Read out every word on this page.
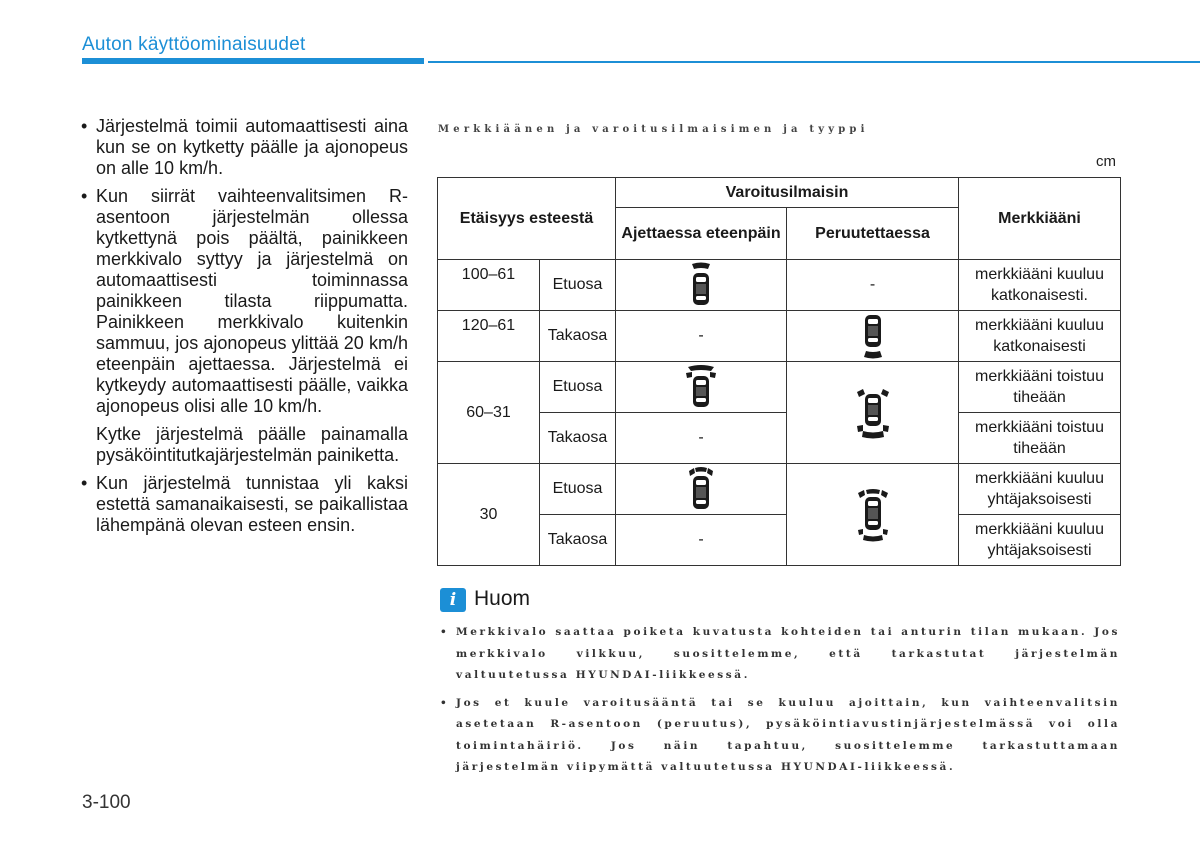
Auton käyttöominaisuudet
• Järjestelmä toimii automaattisesti aina kun se on kytketty päälle ja ajonopeus on alle 10 km/h.
• Kun siirrät vaihteenvalitsimen R-asentoon järjestelmän ollessa kytkettynä pois päältä, painikkeen merkkivalo syttyy ja järjestelmä on automaattisesti toiminnassa painikkeen tilasta riippumatta. Painikkeen merkkivalo kuitenkin sammuu, jos ajonopeus ylittää 20 km/h eteenpäin ajettaessa. Järjestelmä ei kytkeydy automaattisesti päälle, vaikka ajonopeus olisi alle 10 km/h.
Kytke järjestelmä päälle painamalla pysäköintitutkajärjestelmän painiketta.
• Kun järjestelmä tunnistaa yli kaksi estettä samanaikaisesti, se paikallistaa lähempänä olevan esteen ensin.
Merkkiäänen ja varoitusilmaisimen ja tyyppi
cm
Etäisyys esteestä		Varoitusilmaisin		Merkkiääni
		Ajettaessa eteenpäin	Peruutettaessa	
100–61	Etuosa		-	merkkiääni kuuluu katkonaisesti.
120–61	Takaosa	-		merkkiääni kuuluu katkonaisesti
60–31	Etuosa			merkkiääni toistuu tiheään
	Takaosa	-		merkkiääni toistuu tiheään
30	Etuosa			merkkiääni kuuluu yhtäjaksoisesti
	Takaosa	-		merkkiääni kuuluu yhtäjaksoisesti
i Huom
• Merkkivalo saattaa poiketa kuvatusta kohteiden tai anturin tilan mukaan. Jos merkkivalo vilkkuu, suosittelemme, että tarkastutat järjestelmän valtuutetussa HYUNDAI-liikkeessä.
• Jos et kuule varoitusääntä tai se kuuluu ajoittain, kun vaihteenvalitsin asetetaan R-asentoon (peruutus), pysäköintiavustinjärjestelmässä voi olla toimintahäiriö. Jos näin tapahtuu, suosittelemme tarkastuttamaan järjestelmän viipymättä valtuutetussa HYUNDAI-liikkeessä.
3-100
